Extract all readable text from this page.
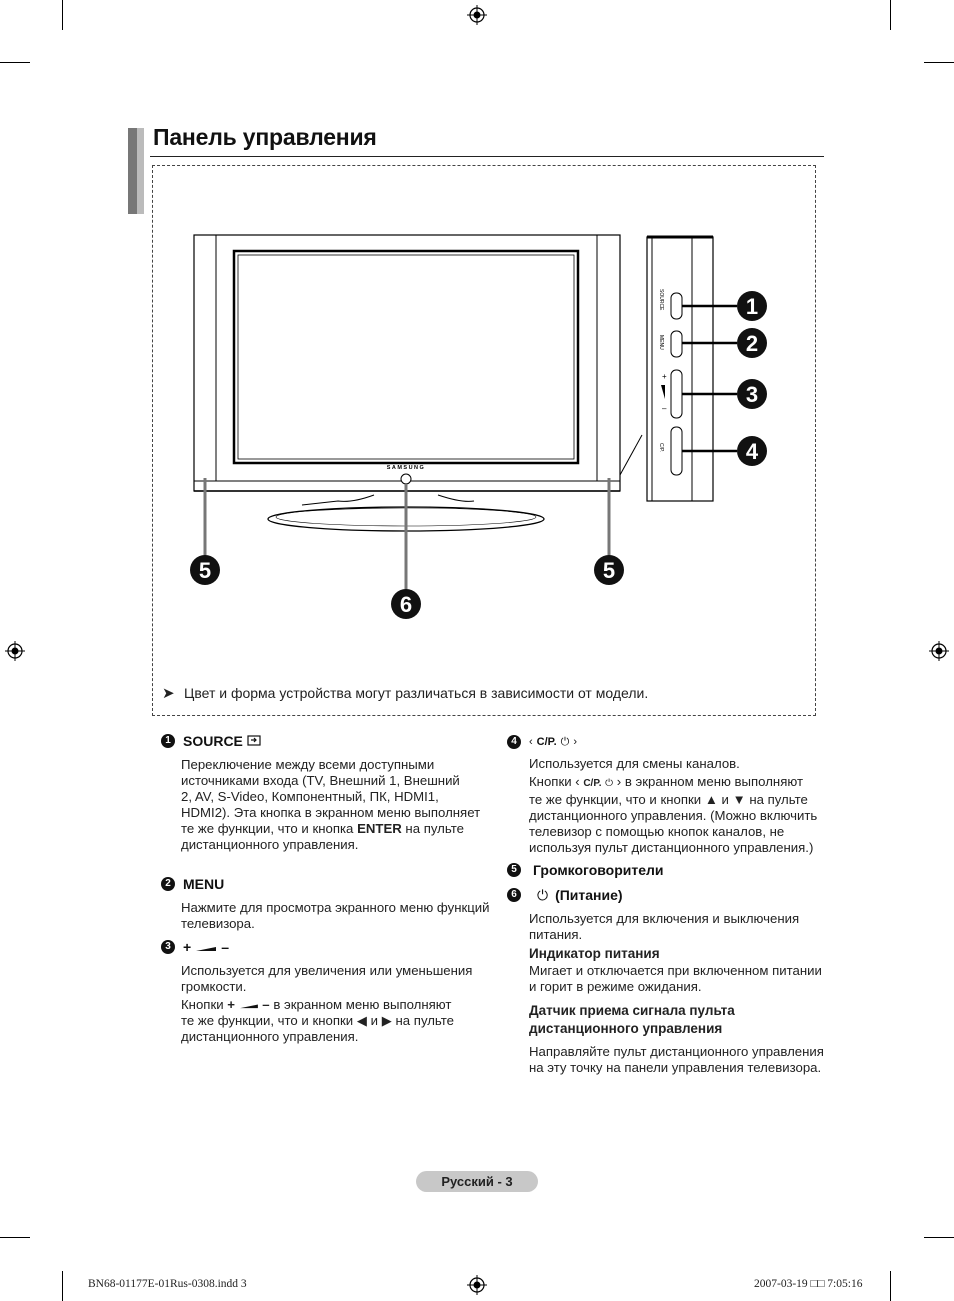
Панель управления
SAMSUNG
SOURCE
MENU
+
–
C/P.
1
2
3
4
5
6
5
➤ Цвет и форма устройства могут различаться в зависимости от модели.
1 SOURCE
Переключение между всеми доступными
источниками входа (TV, Внешний 1, Внешний
2, AV, S-Video, Компонентный, ПК, HDMI1,
HDMI2). Эта кнопка в экранном меню выполняет
те же функции, что и кнопка ENTER на пульте
дистанционного управления.
2 MENU
Нажмите для просмотра экранного меню функций
телевизора.
3 + –
Используется для увеличения или уменьшения
громкости.
Кнопки + – в экранном меню выполняют
те же функции, что и кнопки ◀ и ▶ на пульте
дистанционного управления.
4	‹ C/P. ⏻ ›
Используется для смены каналов.
Кнопки ‹ C/P. ⏻ › в экранном меню выполняют
те же функции, что и кнопки ▲ и ▼ на пульте
дистанционного управления. (Можно включить
телевизор с помощью кнопок каналов, не
используя пульт дистанционного управления.)
5	Громкоговорители
6	⏻ (Питание)
Используется для включения и выключения
питания.
Индикатор питания
Мигает и отключается при включенном питании
и горит в режиме ожидания.
Датчик приема сигнала пульта
дистанционного управления
Направляйте пульт дистанционного управления
на эту точку на панели управления телевизора.
Русский - 3
BN68-01177E-01Rus-0308.indd 3	2007-03-19 □□ 7:05:16
